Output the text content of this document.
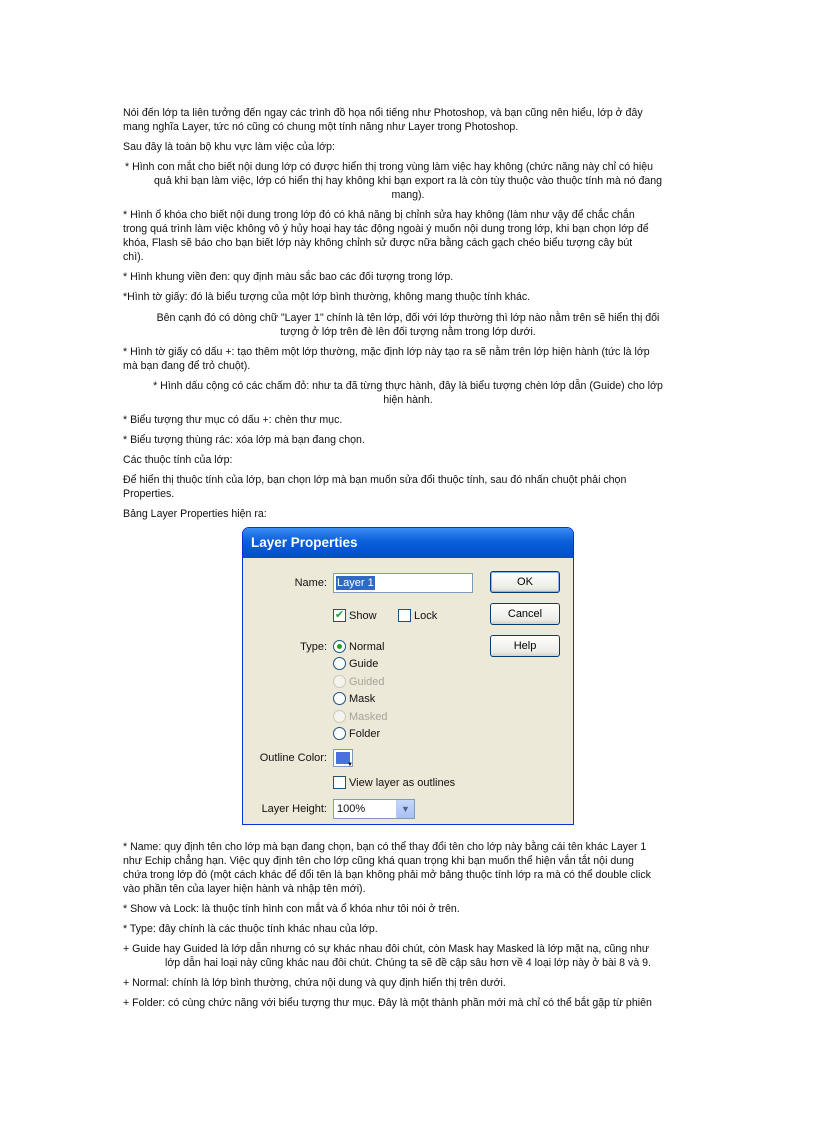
Nói đến lớp ta liên tưởng đến ngay các trình đồ họa nổi tiếng như Photoshop, và bạn cũng nên hiểu, lớp ở đây

mang nghĩa Layer, tức nó cũng có chung một tính năng như Layer trong Photoshop.

Sau đây là toàn bộ khu vực làm việc của lớp:

* Hình con mắt cho biết nội dung lớp có được hiển thị trong vùng làm việc hay không (chức năng này chỉ có hiệu

quả khi bạn làm việc, lớp có hiển thị hay không khi bạn export ra là còn tùy thuộc vào thuộc tính mà nó đang

mang).

* Hình ổ khóa cho biết nội dung trong lớp đó có khả năng bị chỉnh sửa hay không (làm như vậy để chắc chắn

trong quá trình làm việc không vô ý hủy hoại hay tác động ngoài ý muốn nội dung trong lớp, khi bạn chọn lớp để

khóa, Flash sẽ báo cho bạn biết lớp này không chỉnh sử được nữa bằng cách gạch chéo biểu tượng cây bút

chì).

* Hình khung viền đen: quy định màu sắc bao các đối tượng trong lớp.

*Hình tờ giấy: đó là biểu tượng của một lớp bình thường, không mang thuộc tính khác.

Bên cạnh đó có dòng chữ "Layer 1" chính là tên lớp, đối với lớp thường thì lớp nào nằm trên sẽ hiển thị đối

tượng ở lớp trên đè lên đối tượng nằm trong lớp dưới.

* Hình tờ giấy có dấu +: tạo thêm một lớp thường, mặc định lớp này tạo ra sẽ nằm trên lớp hiện hành (tức là lớp

mà bạn đang để trỏ chuột).

* Hình dấu cộng có các chấm đỏ: như ta đã từng thực hành, đây là biểu tượng chèn lớp dẫn (Guide) cho lớp

hiện hành.

* Biểu tượng thư mục có dấu +: chèn thư mục.

* Biểu tượng thùng rác: xóa lớp mà bạn đang chọn.

Các thuộc tính của lớp:

Để hiển thị thuộc tính của lớp, bạn chọn lớp mà bạn muốn sửa đổi thuộc tính, sau đó nhấn chuột phải chọn

Properties.

Bảng Layer Properties hiện ra:

Layer Properties
Name: Layer 1	OK
Cancel
Help
✔ Show	Lock
Type: Normal
Guide
Guided
Mask
Masked
Folder
Outline Color:
▼
View layer as outlines
Layer Height: 100%	▼

* Name: quy định tên cho lớp mà bạn đang chọn, bạn có thể thay đổi tên cho lớp này bằng cái tên khác Layer 1

như Echip chẳng hạn. Việc quy định tên cho lớp cũng khá quan trọng khi bạn muốn thể hiện vắn tắt nội dung

chứa trong lớp đó (một cách khác để đổi tên là bạn không phải mở bảng thuộc tính lớp ra mà có thể double click

vào phần tên của layer hiện hành và nhập tên mới).

* Show và Lock: là thuộc tính hình con mắt và ổ khóa như tôi nói ở trên.

* Type: đây chính là các thuộc tính khác nhau của lớp.

+ Guide hay Guided là lớp dẫn nhưng có sự khác nhau đôi chút, còn Mask hay Masked là lớp mặt nạ, cũng như

lớp dẫn hai loại này cũng khác nau đôi chút. Chúng ta sẽ đề cập sâu hơn về 4 loại lớp này ở bài 8 và 9.

+ Normal: chính là lớp bình thường, chứa nội dung và quy định hiển thị trên dưới.

+ Folder: có cùng chức năng với biểu tượng thư mục. Đây là một thành phần mới mà chỉ có thể bắt gặp từ phiên
